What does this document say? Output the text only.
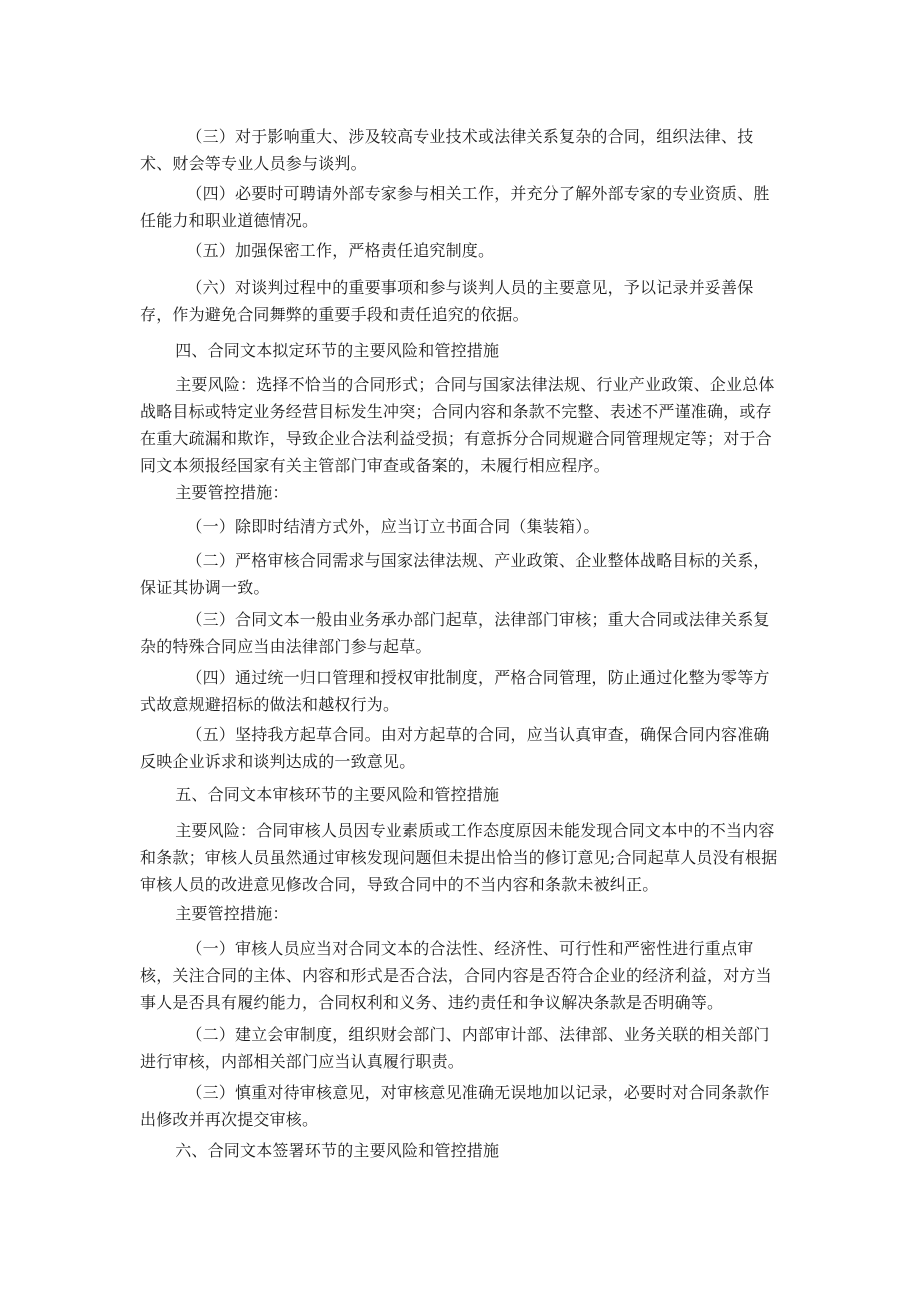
（三）对于影响重大、涉及较高专业技术或法律关系复杂的合同，组织法律、技术、财会等专业人员参与谈判。

（四）必要时可聘请外部专家参与相关工作，并充分了解外部专家的专业资质、胜任能力和职业道德情况。

（五）加强保密工作，严格责任追究制度。

（六）对谈判过程中的重要事项和参与谈判人员的主要意见，予以记录并妥善保存，作为避免合同舞弊的重要手段和责任追究的依据。

四、合同文本拟定环节的主要风险和管控措施

主要风险：选择不恰当的合同形式；合同与国家法律法规、行业产业政策、企业总体战略目标或特定业务经营目标发生冲突；合同内容和条款不完整、表述不严谨准确，或存在重大疏漏和欺诈，导致企业合法利益受损；有意拆分合同规避合同管理规定等；对于合同文本须报经国家有关主管部门审查或备案的，未履行相应程序。

主要管控措施：

（一）除即时结清方式外，应当订立书面合同（集装箱）。

（二）严格审核合同需求与国家法律法规、产业政策、企业整体战略目标的关系，保证其协调一致。

（三）合同文本一般由业务承办部门起草，法律部门审核；重大合同或法律关系复杂的特殊合同应当由法律部门参与起草。

（四）通过统一归口管理和授权审批制度，严格合同管理，防止通过化整为零等方式故意规避招标的做法和越权行为。

（五）坚持我方起草合同。由对方起草的合同，应当认真审查，确保合同内容准确反映企业诉求和谈判达成的一致意见。

五、合同文本审核环节的主要风险和管控措施

主要风险：合同审核人员因专业素质或工作态度原因未能发现合同文本中的不当内容和条款；审核人员虽然通过审核发现问题但未提出恰当的修订意见;合同起草人员没有根据审核人员的改进意见修改合同，导致合同中的不当内容和条款未被纠正。

主要管控措施：

（一）审核人员应当对合同文本的合法性、经济性、可行性和严密性进行重点审核，关注合同的主体、内容和形式是否合法，合同内容是否符合企业的经济利益，对方当事人是否具有履约能力，合同权利和义务、违约责任和争议解决条款是否明确等。

（二）建立会审制度，组织财会部门、内部审计部、法律部、业务关联的相关部门进行审核，内部相关部门应当认真履行职责。

（三）慎重对待审核意见，对审核意见准确无误地加以记录，必要时对合同条款作出修改并再次提交审核。

六、合同文本签署环节的主要风险和管控措施
